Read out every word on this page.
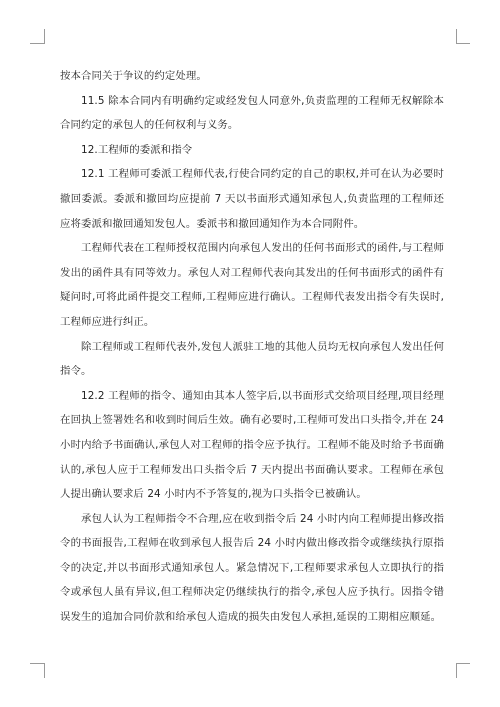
按本合同关于争议的约定处理。

11.5 除本合同内有明确约定或经发包人同意外,负责监理的工程师无权解除本合同约定的承包人的任何权利与义务。

12.工程师的委派和指令

12.1 工程师可委派工程师代表,行使合同约定的自己的职权,并可在认为必要时撤回委派。委派和撤回均应提前 7 天以书面形式通知承包人,负责监理的工程师还应将委派和撤回通知发包人。委派书和撤回通知作为本合同附件。

工程师代表在工程师授权范围内向承包人发出的任何书面形式的函件,与工程师发出的函件具有同等效力。承包人对工程师代表向其发出的任何书面形式的函件有疑问时,可将此函件提交工程师,工程师应进行确认。工程师代表发出指令有失误时,工程师应进行纠正。

除工程师或工程师代表外,发包人派驻工地的其他人员均无权向承包人发出任何指令。

12.2 工程师的指令、通知由其本人签字后,以书面形式交给项目经理,项目经理在回执上签署姓名和收到时间后生效。确有必要时,工程师可发出口头指令,并在 24 小时内给予书面确认,承包人对工程师的指令应予执行。工程师不能及时给予书面确认的,承包人应于工程师发出口头指令后 7 天内提出书面确认要求。工程师在承包人提出确认要求后 24 小时内不予答复的,视为口头指令已被确认。

承包人认为工程师指令不合理,应在收到指令后 24 小时内向工程师提出修改指令的书面报告,工程师在收到承包人报告后 24 小时内做出修改指令或继续执行原指令的决定,并以书面形式通知承包人。紧急情况下,工程师要求承包人立即执行的指令或承包人虽有异议,但工程师决定仍继续执行的指令,承包人应予执行。因指令错误发生的追加合同价款和给承包人造成的损失由发包人承担,延误的工期相应顺延。
